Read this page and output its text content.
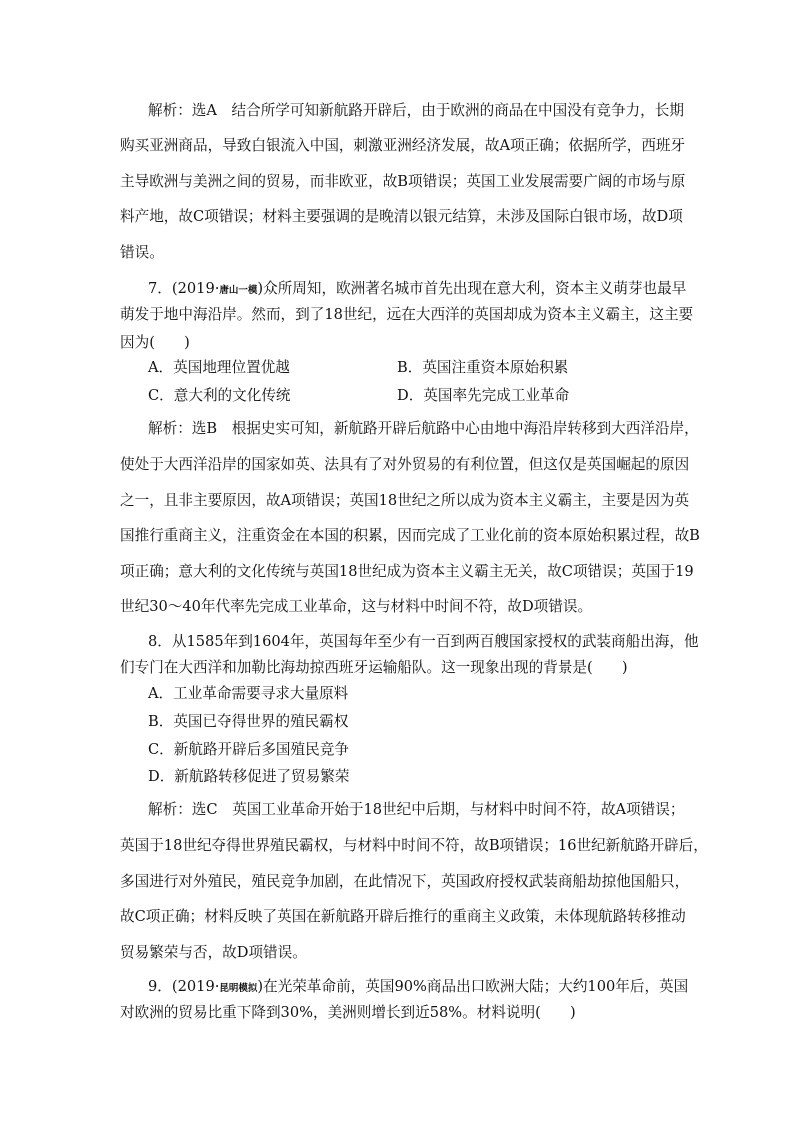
解析：选A　结合所学可知新航路开辟后，由于欧洲的商品在中国没有竞争力，长期
购买亚洲商品，导致白银流入中国，刺激亚洲经济发展，故A项正确；依据所学，西班牙
主导欧洲与美洲之间的贸易，而非欧亚，故B项错误；英国工业发展需要广阔的市场与原
料产地，故C项错误；材料主要强调的是晚清以银元结算，未涉及国际白银市场，故D项
错误。
7．(2019·唐山一模)众所周知，欧洲著名城市首先出现在意大利，资本主义萌芽也最早
萌发于地中海沿岸。然而，到了18世纪，远在大西洋的英国却成为资本主义霸主，这主要
因为(　　)
A．英国地理位置优越	B．英国注重资本原始积累
C．意大利的文化传统	D．英国率先完成工业革命
解析：选B　根据史实可知，新航路开辟后航路中心由地中海沿岸转移到大西洋沿岸，
使处于大西洋沿岸的国家如英、法具有了对外贸易的有利位置，但这仅是英国崛起的原因
之一，且非主要原因，故A项错误；英国18世纪之所以成为资本主义霸主，主要是因为英
国推行重商主义，注重资金在本国的积累，因而完成了工业化前的资本原始积累过程，故B
项正确；意大利的文化传统与英国18世纪成为资本主义霸主无关，故C项错误；英国于19
世纪30～40年代率先完成工业革命，这与材料中时间不符，故D项错误。
8．从1585年到1604年，英国每年至少有一百到两百艘国家授权的武装商船出海，他
们专门在大西洋和加勒比海劫掠西班牙运输船队。这一现象出现的背景是(　　)
A．工业革命需要寻求大量原料
B．英国已夺得世界的殖民霸权
C．新航路开辟后多国殖民竞争
D．新航路转移促进了贸易繁荣
解析：选C　英国工业革命开始于18世纪中后期，与材料中时间不符，故A项错误；
英国于18世纪夺得世界殖民霸权，与材料中时间不符，故B项错误；16世纪新航路开辟后，
多国进行对外殖民，殖民竞争加剧，在此情况下，英国政府授权武装商船劫掠他国船只，
故C项正确；材料反映了英国在新航路开辟后推行的重商主义政策，未体现航路转移推动
贸易繁荣与否，故D项错误。
9．(2019·昆明模拟)在光荣革命前，英国90%商品出口欧洲大陆；大约100年后，英国
对欧洲的贸易比重下降到30%，美洲则增长到近58%。材料说明(　　)
